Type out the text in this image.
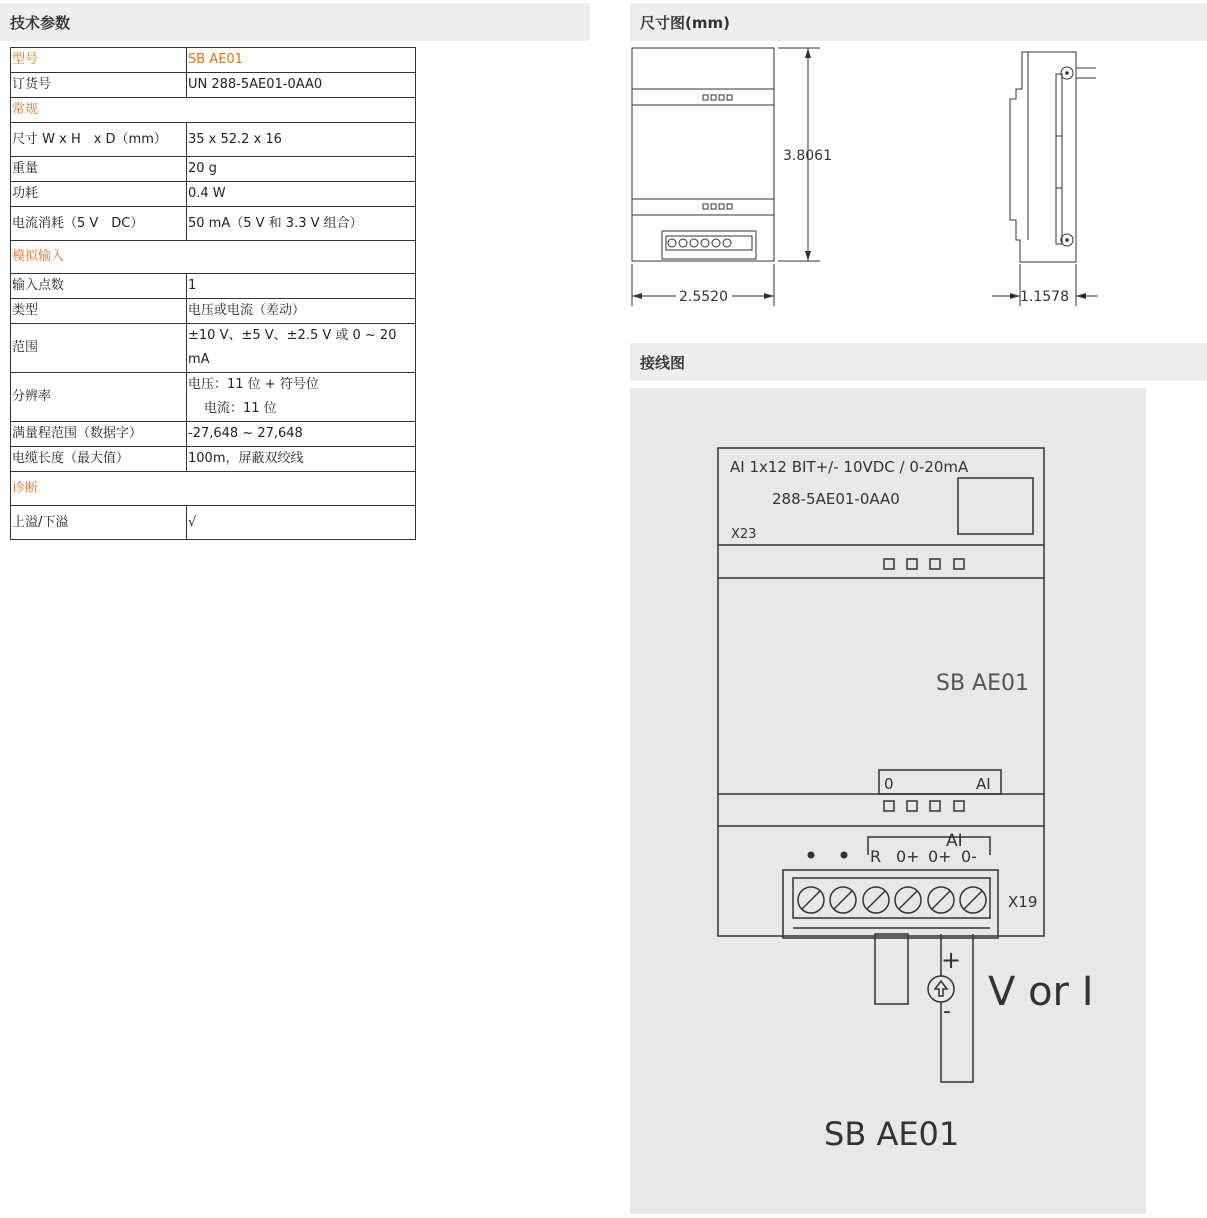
技术参数	尺寸图(mm)
接线图
型号	SB AE01
订货号	UN 288-5AE01-0AA0
常规	
尺寸 W x H　x D（mm）	35 x 52.2 x 16
重量	20 g
功耗	0.4 W
电流消耗（5 V　DC）	50 mA（5 V 和 3.3 V 组合）
模拟输入	
输入点数	1
类型	电压或电流（差动）
范围	±10 V、±5 V、±2.5 V 或 0 ~ 20
mA

分辨率	电压：11 位 + 符号位
电流：11 位

满量程范围（数据字）	-27,648 ~ 27,648
电缆长度（最大值）	100m，屏蔽双绞线
诊断	
上溢/下溢	√
3.8061
2.5520	1.1578
AI 1x12 BIT+/- 10VDC / 0-20mA
288-5AE01-0AA0
X23
SB AE01
0	AI
AI
R 0+ 0+ 0-
X19
+
- V or I
SB AE01
